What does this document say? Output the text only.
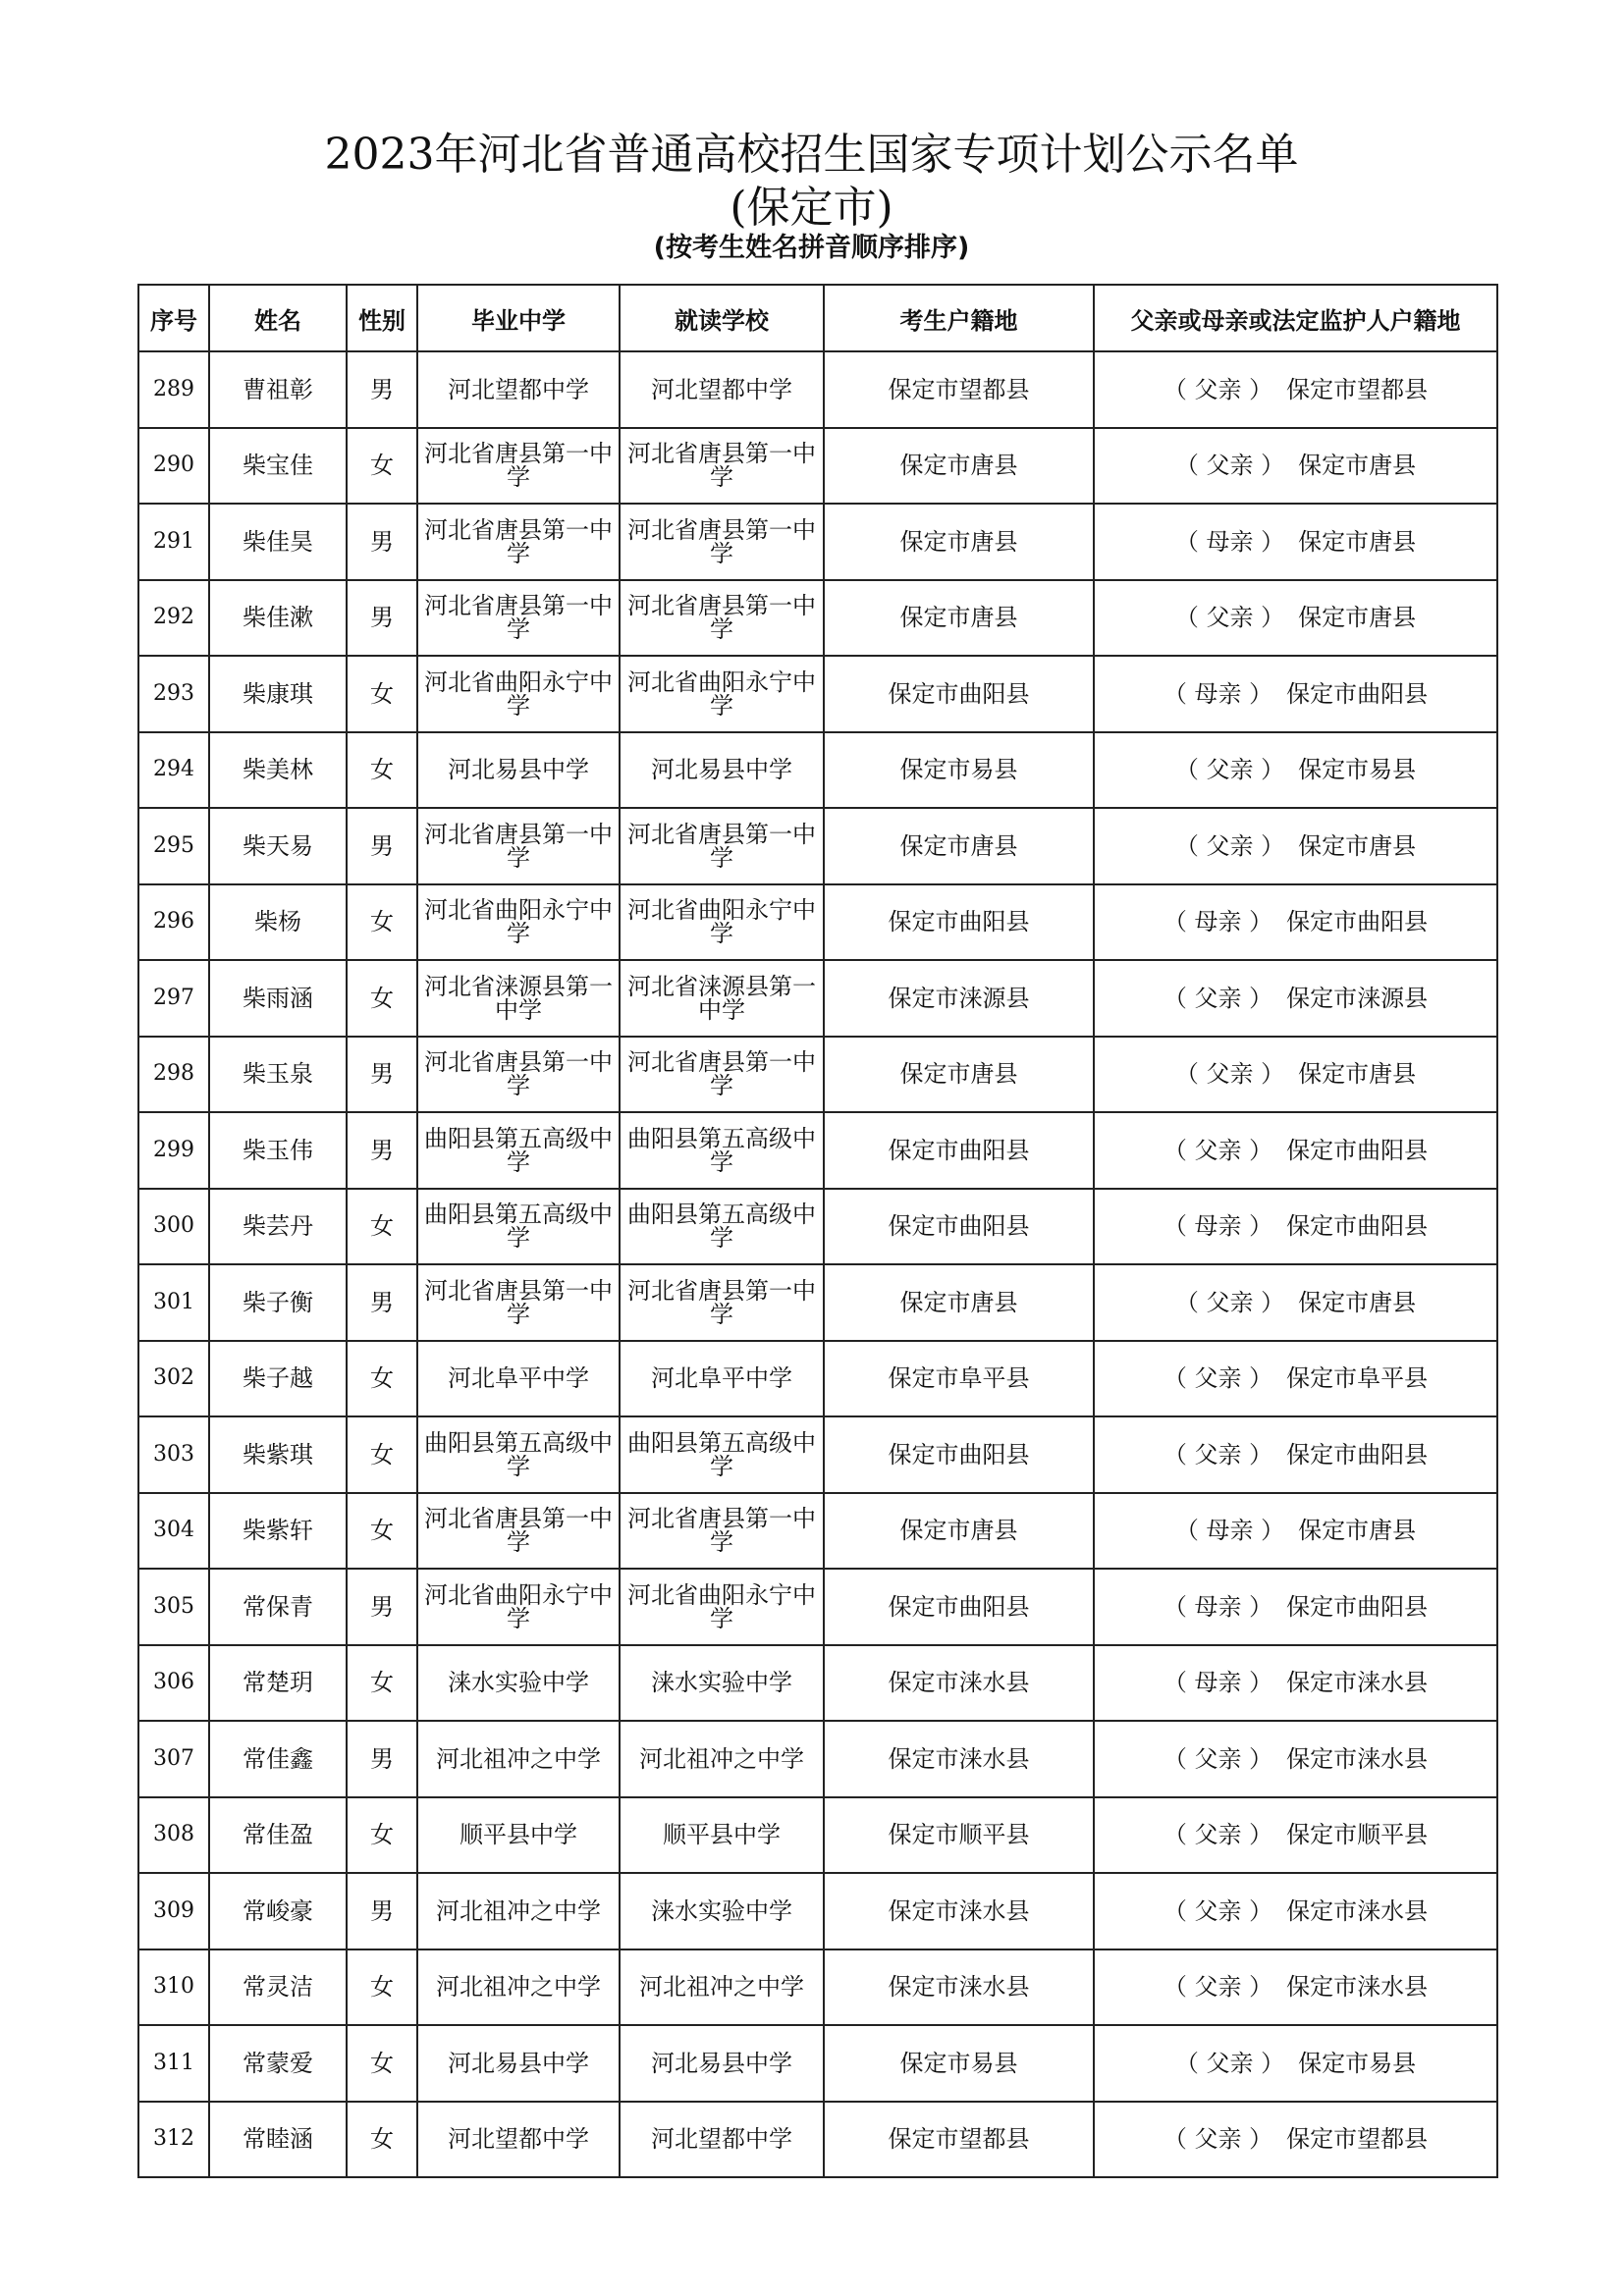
2023年河北省普通高校招生国家专项计划公示名单
(保定市)
(按考生姓名拼音顺序排序)
序号	姓名	性别	毕业中学	就读学校	考生户籍地	父亲或母亲或法定监护人户籍地
289	曹祖彰	男	河北望都中学	河北望都中学	保定市望都县	（ 父亲 ） 保定市望都县
290	柴宝佳	女	河北省唐县第一中学	河北省唐县第一中学	保定市唐县	（ 父亲 ） 保定市唐县
291	柴佳昊	男	河北省唐县第一中学	河北省唐县第一中学	保定市唐县	（ 母亲 ） 保定市唐县
292	柴佳漱	男	河北省唐县第一中学	河北省唐县第一中学	保定市唐县	（ 父亲 ） 保定市唐县
293	柴康琪	女	河北省曲阳永宁中学	河北省曲阳永宁中学	保定市曲阳县	（ 母亲 ） 保定市曲阳县
294	柴美林	女	河北易县中学	河北易县中学	保定市易县	（ 父亲 ） 保定市易县
295	柴天易	男	河北省唐县第一中学	河北省唐县第一中学	保定市唐县	（ 父亲 ） 保定市唐县
296	柴杨	女	河北省曲阳永宁中学	河北省曲阳永宁中学	保定市曲阳县	（ 母亲 ） 保定市曲阳县
297	柴雨涵	女	河北省涞源县第一中学	河北省涞源县第一中学	保定市涞源县	（ 父亲 ） 保定市涞源县
298	柴玉泉	男	河北省唐县第一中学	河北省唐县第一中学	保定市唐县	（ 父亲 ） 保定市唐县
299	柴玉伟	男	曲阳县第五高级中学	曲阳县第五高级中学	保定市曲阳县	（ 父亲 ） 保定市曲阳县
300	柴芸丹	女	曲阳县第五高级中学	曲阳县第五高级中学	保定市曲阳县	（ 母亲 ） 保定市曲阳县
301	柴子衡	男	河北省唐县第一中学	河北省唐县第一中学	保定市唐县	（ 父亲 ） 保定市唐县
302	柴子越	女	河北阜平中学	河北阜平中学	保定市阜平县	（ 父亲 ） 保定市阜平县
303	柴紫琪	女	曲阳县第五高级中学	曲阳县第五高级中学	保定市曲阳县	（ 父亲 ） 保定市曲阳县
304	柴紫轩	女	河北省唐县第一中学	河北省唐县第一中学	保定市唐县	（ 母亲 ） 保定市唐县
305	常保青	男	河北省曲阳永宁中学	河北省曲阳永宁中学	保定市曲阳县	（ 母亲 ） 保定市曲阳县
306	常楚玥	女	涞水实验中学	涞水实验中学	保定市涞水县	（ 母亲 ） 保定市涞水县
307	常佳鑫	男	河北祖冲之中学	河北祖冲之中学	保定市涞水县	（ 父亲 ） 保定市涞水县
308	常佳盈	女	顺平县中学	顺平县中学	保定市顺平县	（ 父亲 ） 保定市顺平县
309	常峻豪	男	河北祖冲之中学	涞水实验中学	保定市涞水县	（ 父亲 ） 保定市涞水县
310	常灵洁	女	河北祖冲之中学	河北祖冲之中学	保定市涞水县	（ 父亲 ） 保定市涞水县
311	常蒙爱	女	河北易县中学	河北易县中学	保定市易县	（ 父亲 ） 保定市易县
312	常睦涵	女	河北望都中学	河北望都中学	保定市望都县	（ 父亲 ） 保定市望都县
